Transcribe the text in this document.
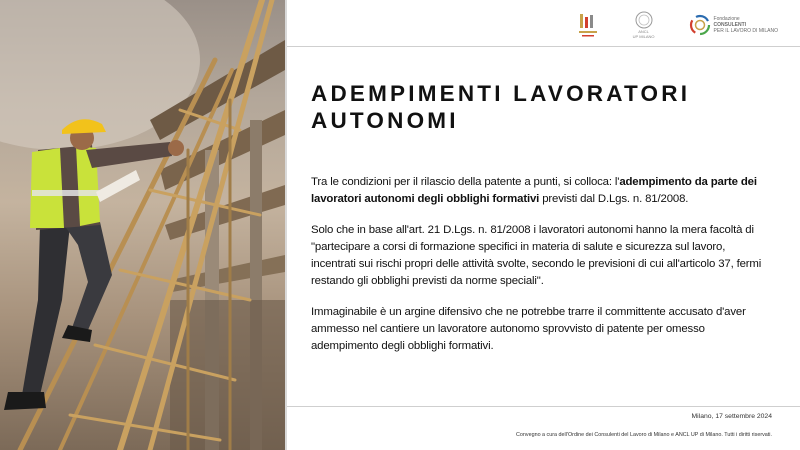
ANCL
UP MILANO
Fondazione
CONSULENTI
PER IL LAVORO DI MILANO
ADEMPIMENTI LAVORATORI AUTONOMI

Tra le condizioni per il rilascio della patente a punti, si colloca: l'adempimento da parte dei lavoratori autonomi degli obblighi formativi previsti dal D.Lgs. n. 81/2008.

Solo che in base all'art. 21 D.Lgs. n. 81/2008 i lavoratori autonomi hanno la mera facoltà di "partecipare a corsi di formazione specifici in materia di salute e sicurezza sul lavoro, incentrati sui rischi propri delle attività svolte, secondo le previsioni di cui all'articolo 37, fermi restando gli obblighi previsti da norme speciali".

Immaginabile è un argine difensivo che ne potrebbe trarre il committente accusato d'aver ammesso nel cantiere un lavoratore autonomo sprovvisto di patente per omesso adempimento degli obblighi formativi.

Milano, 17 settembre 2024
Convegno a cura dell'Ordine dei Consulenti del Lavoro di Milano e ANCL UP di Milano. Tutti i diritti riservati.
